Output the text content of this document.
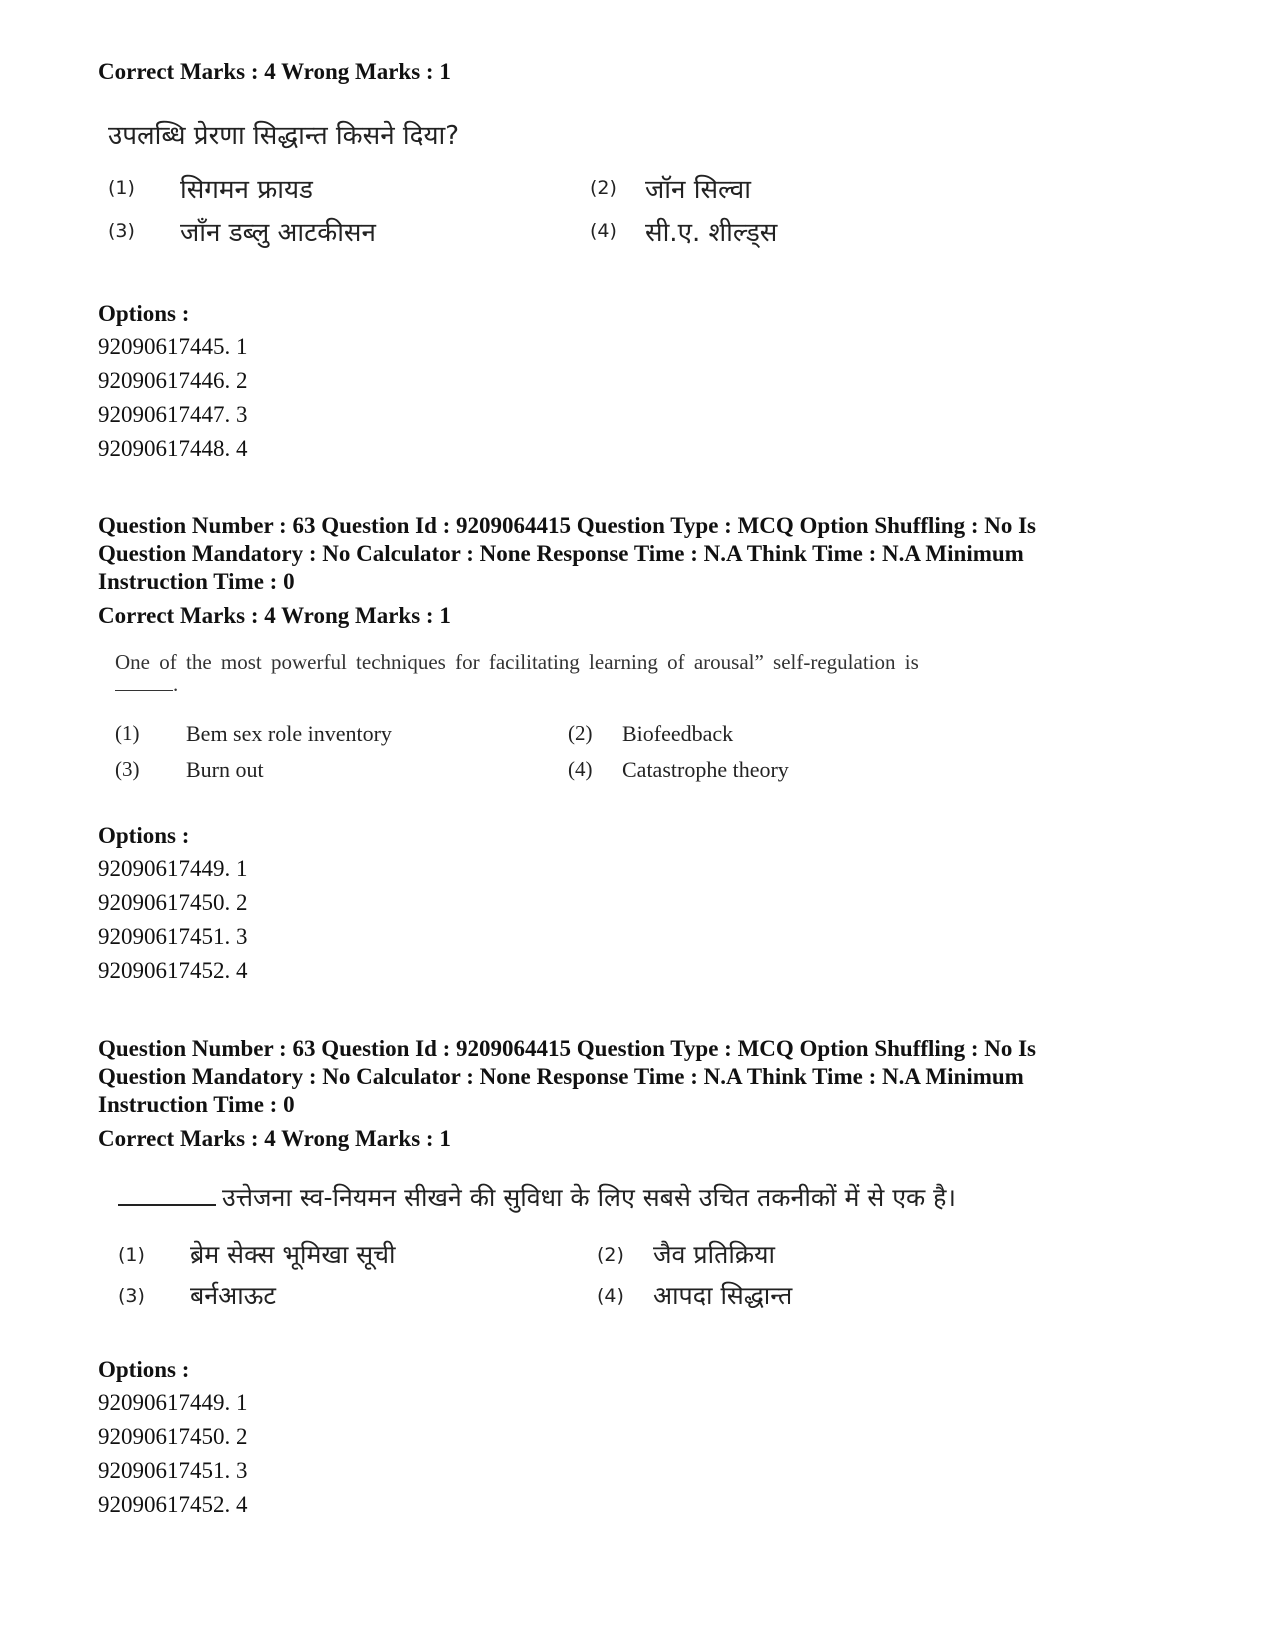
Correct Marks : 4 Wrong Marks : 1
उपलब्धि प्रेरणा सिद्धान्त किसने दिया?
(1) सिगमन फ्रायड	(2) जॉन सिल्वा
(3) जाँन डब्लु आटकीसन	(4) सी.ए. शील्ड्स
Options :
92090617445. 1
92090617446. 2
92090617447. 3
92090617448. 4
Question Number : 63 Question Id : 9209064415 Question Type : MCQ Option Shuffling : No Is
Question Mandatory : No Calculator : None Response Time : N.A Think Time : N.A Minimum
Instruction Time : 0
Correct Marks : 4 Wrong Marks : 1
One of the most powerful techniques for facilitating learning of arousal” self-regulation is
.
(1) Bem sex role inventory	(2) Biofeedback
(3) Burn out	(4) Catastrophe theory
Options :
92090617449. 1
92090617450. 2
92090617451. 3
92090617452. 4
Question Number : 63 Question Id : 9209064415 Question Type : MCQ Option Shuffling : No Is
Question Mandatory : No Calculator : None Response Time : N.A Think Time : N.A Minimum
Instruction Time : 0
Correct Marks : 4 Wrong Marks : 1
उत्तेजना स्व-नियमन सीखने की सुविधा के लिए सबसे उचित तकनीकों में से एक है।
(1) ब्रेम सेक्स भूमिखा सूची	(2) जैव प्रतिक्रिया
(3) बर्नआऊट	(4) आपदा सिद्धान्त
Options :
92090617449. 1
92090617450. 2
92090617451. 3
92090617452. 4
